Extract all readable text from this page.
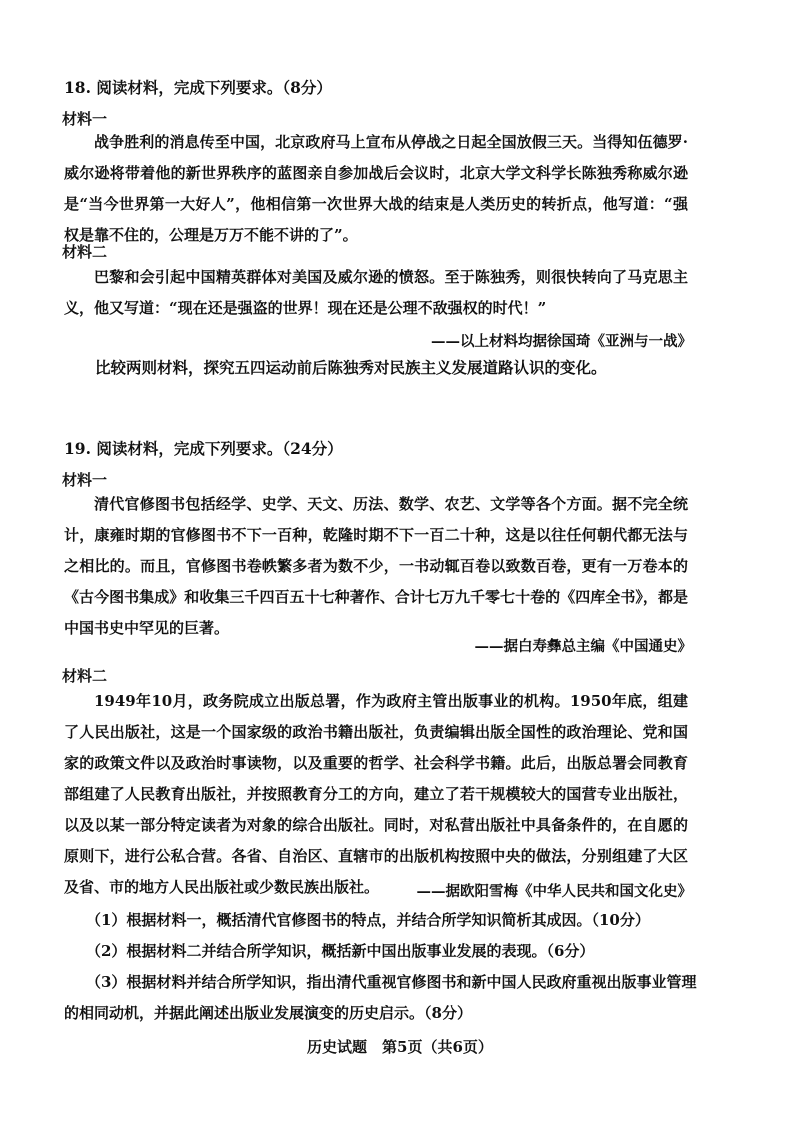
18. 阅读材料，完成下列要求。（8分）
材料一

战争胜利的消息传至中国，北京政府马上宣布从停战之日起全国放假三天。当得知伍德罗·威尔逊将带着他的新世界秩序的蓝图亲自参加战后会议时，北京大学文科学长陈独秀称威尔逊是“当今世界第一大好人”，他相信第一次世界大战的结束是人类历史的转折点，他写道：“强权是靠不住的，公理是万万不能不讲的了”。

材料二

巴黎和会引起中国精英群体对美国及威尔逊的愤怒。至于陈独秀，则很快转向了马克思主义，他又写道：“现在还是强盗的世界！现在还是公理不敌强权的时代！”

——以上材料均据徐国琦《亚洲与一战》

比较两则材料，探究五四运动前后陈独秀对民族主义发展道路认识的变化。

19. 阅读材料，完成下列要求。（24分）
材料一

清代官修图书包括经学、史学、天文、历法、数学、农艺、文学等各个方面。据不完全统计，康雍时期的官修图书不下一百种，乾隆时期不下一百二十种，这是以往任何朝代都无法与之相比的。而且，官修图书卷帙繁多者为数不少，一书动辄百卷以致数百卷，更有一万卷本的《古今图书集成》和收集三千四百五十七种著作、合计七万九千零七十卷的《四库全书》，都是中国书史中罕见的巨著。

——据白寿彝总主编《中国通史》
材料二

1949年10月，政务院成立出版总署，作为政府主管出版事业的机构。1950年底，组建了人民出版社，这是一个国家级的政治书籍出版社，负责编辑出版全国性的政治理论、党和国家的政策文件以及政治时事读物，以及重要的哲学、社会科学书籍。此后，出版总署会同教育部组建了人民教育出版社，并按照教育分工的方向，建立了若干规模较大的国营专业出版社，以及以某一部分特定读者为对象的综合出版社。同时，对私营出版社中具备条件的，在自愿的原则下，进行公私合营。各省、自治区、直辖市的出版机构按照中央的做法，分别组建了大区及省、市的地方人民出版社或少数民族出版社。	——据欧阳雪梅《中华人民共和国文化史》

（1）根据材料一，概括清代官修图书的特点，并结合所学知识简析其成因。（10分）

（2）根据材料二并结合所学知识，概括新中国出版事业发展的表现。（6分）

（3）根据材料并结合所学知识，指出清代重视官修图书和新中国人民政府重视出版事业管理的相同动机，并据此阐述出版业发展演变的历史启示。（8分）

历史试题　第5页（共6页）
